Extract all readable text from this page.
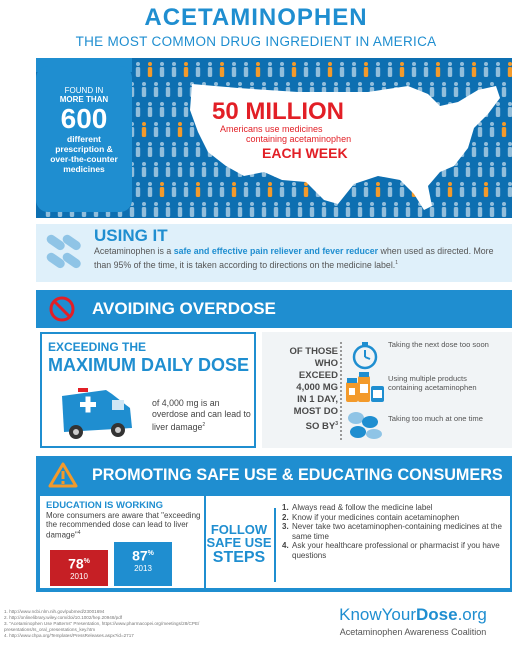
ACETAMINOPHEN
THE MOST COMMON DRUG INGREDIENT IN AMERICA
FOUND IN
MORE THAN
600
different
prescription &
over-the-counter
medicines
50 MILLION
Americans use medicines
containing acetaminophen
EACH WEEK
USING IT
Acetaminophen is a safe and effective pain reliever and fever reducer when used as directed. More than 95% of the time, it is taken according to directions on the medicine label.$^1$
AVOIDING OVERDOSE
EXCEEDING THE
MAXIMUM DAILY DOSE
of 4,000 mg is an overdose and can lead to liver damage$^2$
OF THOSE
WHO
EXCEED
4,000 MG
IN 1 DAY,
MOST DO
SO $BY^3$
Taking the next dose too soon
Using multiple products containing acetaminophen
Taking too much at one time
PROMOTING SAFE USE & EDUCATING CONSUMERS
EDUCATION IS WORKING
More consumers are aware that "exceeding the recommended dose can lead to liver damage"$^4$
78%
2010
87%
2013
FOLLOW
SAFE USE
STEPS
1. Always read & follow the medicine label
2. Know if your medicines contain acetaminophen
3. Never take two acetaminophen-containing medicines at the same time
4. Ask your healthcare professional or pharmacist if you have questions
1. http://www.ncbi.nlm.nih.gov/pubmed/23001694
2. http://onlinelibrary.wiley.com/doi/10.1002/hep.20948/pdf
3. "Acetaminophen Use Patterns" Presentation, https://www.pharmacopei.org/meetings/28/CPE/
presentations/Is_oral_presentations_key.htm
4. http://www.chpa.org/Templates/PressReleases.aspx?id=2717
KnowYourDose.org
Acetaminophen Awareness Coalition
